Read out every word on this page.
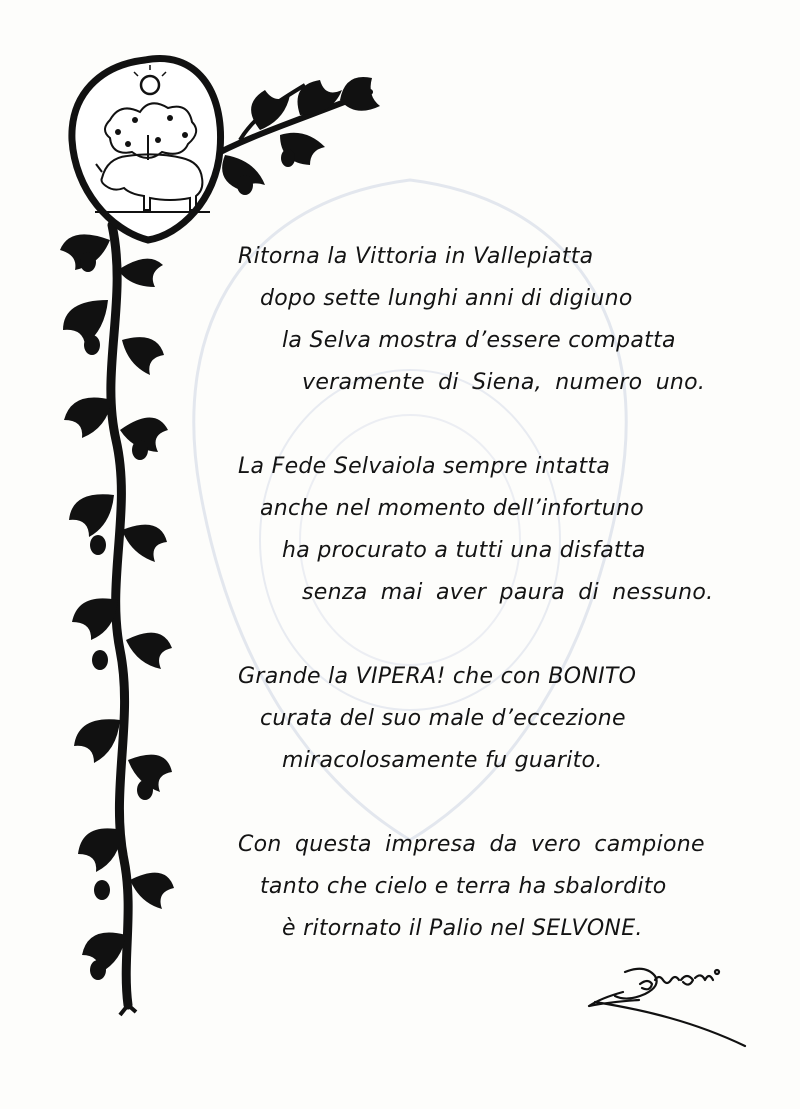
Ritorna la Vittoria in Vallepiatta
dopo sette lunghi anni di digiuno
la Selva mostra d’essere compatta
veramente di Siena, numero uno.
La Fede Selvaiola sempre intatta
anche nel momento dell’infortuno
ha procurato a tutti una disfatta
senza mai aver paura di nessuno.
Grande la VIPERA! che con BONITO
curata del suo male d’eccezione
miracolosamente fu guarito.
Con questa impresa da vero campione
tanto che cielo e terra ha sbalordito
è ritornato il Palio nel SELVONE.
